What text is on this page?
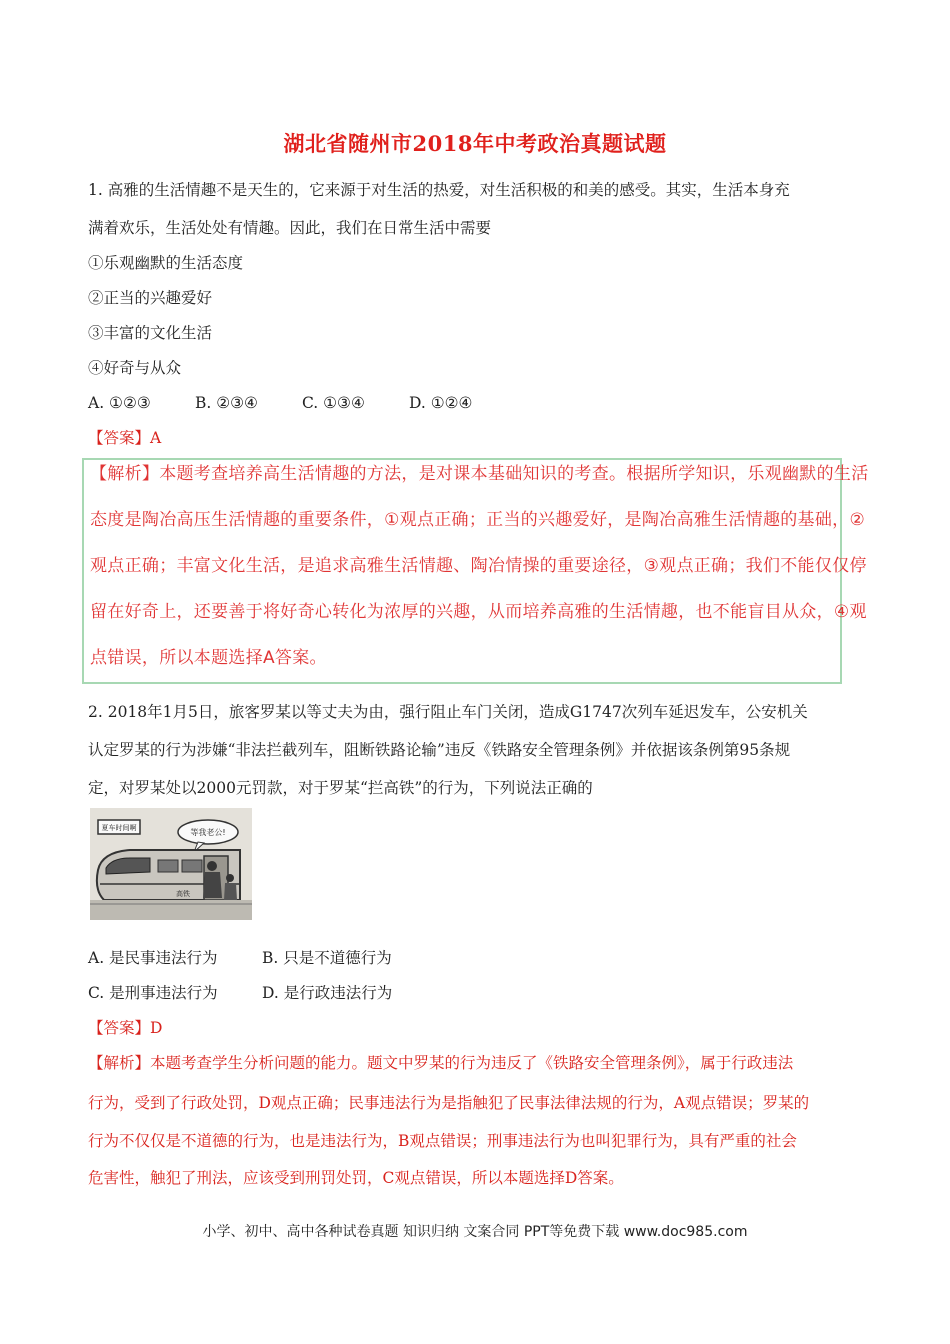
湖北省随州市2018年中考政治真题试题
1. 高雅的生活情趣不是天生的，它来源于对生活的热爱，对生活积极的和美的感受。其实，生活本身充
满着欢乐，生活处处有情趣。因此，我们在日常生活中需要
①乐观幽默的生活态度
②正当的兴趣爱好
③丰富的文化生活
④好奇与从众
A. ①②③	B. ②③④	C. ①③④	D. ①②④
【答案】A
【解析】本题考查培养高生活情趣的方法，是对课本基础知识的考查。根据所学知识，乐观幽默的生活
态度是陶冶高压生活情趣的重要条件，①观点正确；正当的兴趣爱好，是陶冶高雅生活情趣的基础，②
观点正确；丰富文化生活，是追求高雅生活情趣、陶冶情操的重要途径，③观点正确；我们不能仅仅停
留在好奇上，还要善于将好奇心转化为浓厚的兴趣，从而培养高雅的生活情趣，也不能盲目从众，④观
点错误，所以本题选择A答案。
2. 2018年1月5日，旅客罗某以等丈夫为由，强行阻止车门关闭，造成G1747次列车延迟发车，公安机关
认定罗某的行为涉嫌“非法拦截列车，阻断铁路论输”违反《铁路安全管理条例》并依据该条例第95条规
定，对罗某处以2000元罚款，对于罗某“拦高铁”的行为，下列说法正确的
夏车时间啊	等我老公!
高铁
A. 是民事违法行为	B. 只是不道德行为
C. 是刑事违法行为	D. 是行政违法行为
【答案】D
【解析】本题考查学生分析问题的能力。题文中罗某的行为违反了《铁路安全管理条例》，属于行政违法
行为，受到了行政处罚，D观点正确；民事违法行为是指触犯了民事法律法规的行为，A观点错误；罗某的
行为不仅仅是不道德的行为，也是违法行为，B观点错误；刑事违法行为也叫犯罪行为，具有严重的社会
危害性，触犯了刑法，应该受到刑罚处罚，C观点错误，所以本题选择D答案。
小学、初中、高中各种试卷真题 知识归纳 文案合同 PPT等免费下载 www.doc985.com
